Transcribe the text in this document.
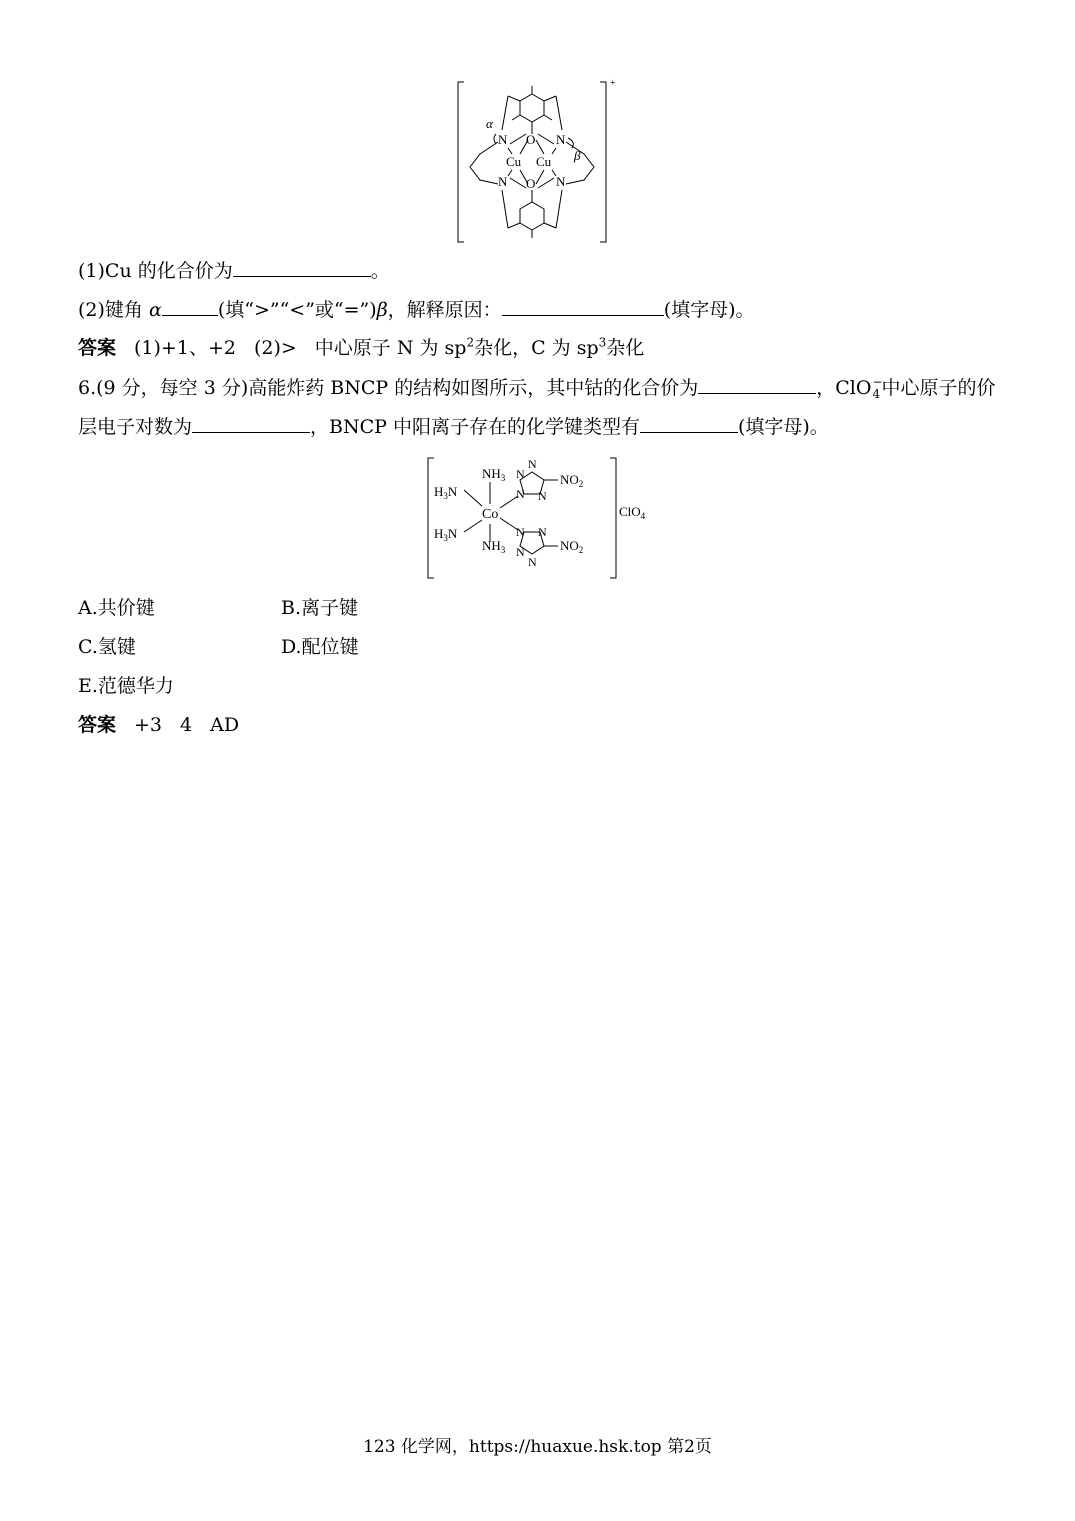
α
β
N	N
N	N
O
O
Cu Cu
+
(1)Cu 的化合价为	。
(2)键角 α	(填“>”“<”或“=”)β，解释原因：	(填字母)。
答案 (1)+1、+2 (2)> 中心原子 N 为 $sp^2$杂化，C 为 $sp^3$杂化
6.(9 分，每空 3 分)高能炸药 BNCP 的结构如图所示，其中钴的化合价为	，ClO −
4 中心原子的价
层电子对数为	，BNCP 中阳离子存在的化学键类型有	(填字母)。
$NH_3$
$H_3N$
Co
$H_3N$
$NH_3$
N
N
N
N
N
N
N
N
$NO_2$
$NO_2$
ClO$_4$
A.共价键	B.离子键
C.氢键	D.配位键
E.范德华力
答案 +3 4 AD
123 化学网，https://huaxue.hsk.top 第2页
